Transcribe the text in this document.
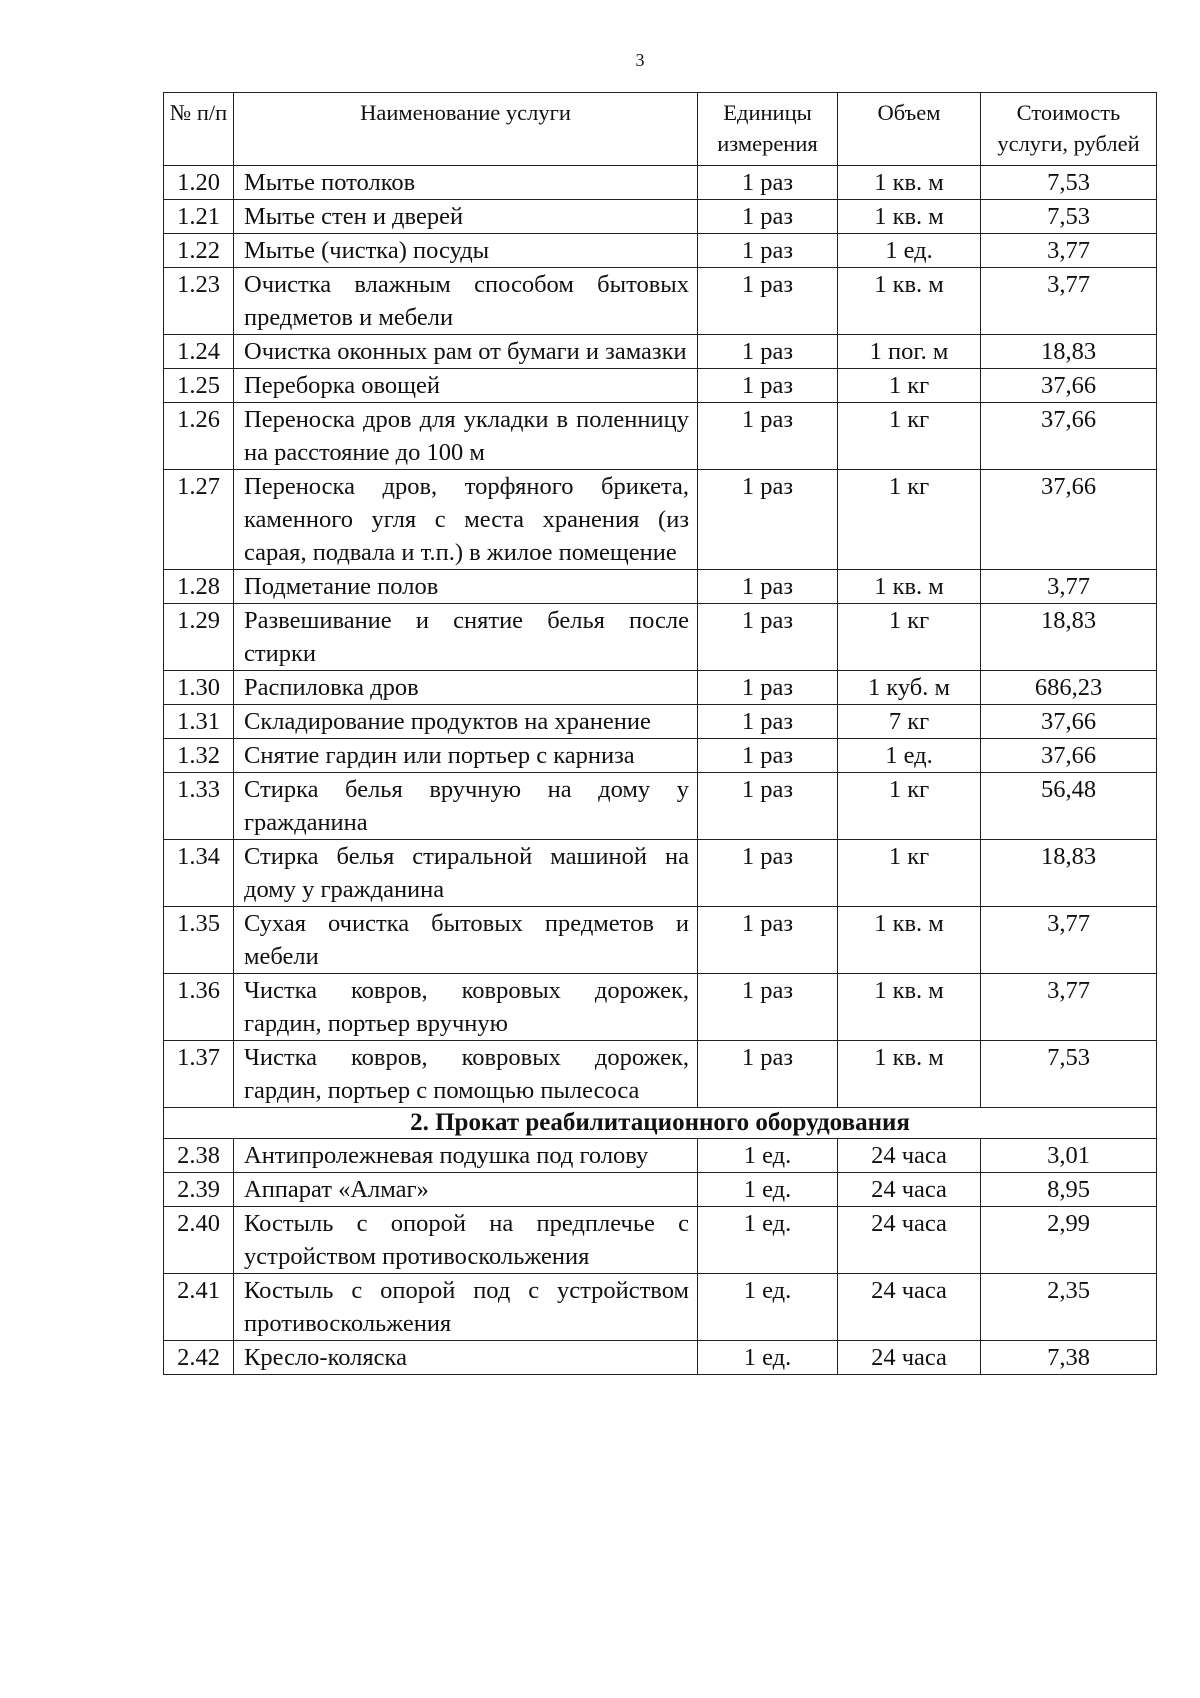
3
№ п/п	Наименование услуги	Единицы измерения	Объем	Стоимость услуги, рублей
1.20	Мытье потолков	1 раз	1 кв. м	7,53
1.21	Мытье стен и дверей	1 раз	1 кв. м	7,53
1.22	Мытье (чистка) посуды	1 раз	1 ед.	3,77
1.23	Очистка влажным способом бытовых предметов и мебели	1 раз	1 кв. м	3,77
1.24	Очистка оконных рам от бумаги и замазки	1 раз	1 пог. м	18,83
1.25	Переборка овощей	1 раз	1 кг	37,66
1.26	Переноска дров для укладки в поленницу на расстояние до 100 м	1 раз	1 кг	37,66
1.27	Переноска дров, торфяного брикета, каменного угля с места хранения (из сарая, подвала и т.п.) в жилое помещение	1 раз	1 кг	37,66
1.28	Подметание полов	1 раз	1 кв. м	3,77
1.29	Развешивание и снятие белья после стирки	1 раз	1 кг	18,83
1.30	Распиловка дров	1 раз	1 куб. м	686,23
1.31	Складирование продуктов на хранение	1 раз	7 кг	37,66
1.32	Снятие гардин или портьер с карниза	1 раз	1 ед.	37,66
1.33	Стирка белья вручную на дому у гражданина	1 раз	1 кг	56,48
1.34	Стирка белья стиральной машиной на дому у гражданина	1 раз	1 кг	18,83
1.35	Сухая очистка бытовых предметов и мебели	1 раз	1 кв. м	3,77
1.36	Чистка ковров, ковровых дорожек, гардин, портьер вручную	1 раз	1 кв. м	3,77
1.37	Чистка ковров, ковровых дорожек, гардин, портьер с помощью пылесоса	1 раз	1 кв. м	7,53
2. Прокат реабилитационного оборудования				
2.38	Антипролежневая подушка под голову	1 ед.	24 часа	3,01
2.39	Аппарат «Алмаг»	1 ед.	24 часа	8,95
2.40	Костыль с опорой на предплечье с устройством противоскольжения	1 ед.	24 часа	2,99
2.41	Костыль с опорой под с устройством противоскольжения	1 ед.	24 часа	2,35
2.42	Кресло-коляска	1 ед.	24 часа	7,38
